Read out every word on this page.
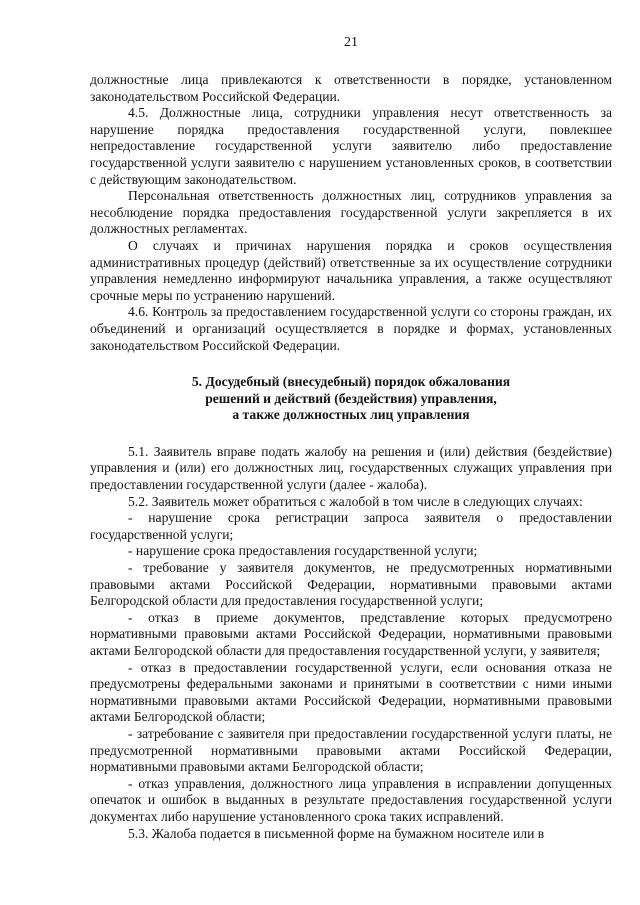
21

должностные лица привлекаются к ответственности в порядке, установленном законодательством Российской Федерации.

4.5. Должностные лица, сотрудники управления несут ответственность за нарушение порядка предоставления государственной услуги, повлекшее непредоставление государственной услуги заявителю либо предоставление государственной услуги заявителю с нарушением установленных сроков, в соответствии с действующим законодательством.

Персональная ответственность должностных лиц, сотрудников управления за несоблюдение порядка предоставления государственной услуги закрепляется в их должностных регламентах.

О случаях и причинах нарушения порядка и сроков осуществления административных процедур (действий) ответственные за их осуществление сотрудники управления немедленно информируют начальника управления, а также осуществляют срочные меры по устранению нарушений.

4.6. Контроль за предоставлением государственной услуги со стороны граждан, их объединений и организаций осуществляется в порядке и формах, установленных законодательством Российской Федерации.

5. Досудебный (внесудебный) порядок обжалования
решений и действий (бездействия) управления,
а также должностных лиц управления

5.1. Заявитель вправе подать жалобу на решения и (или) действия (бездействие) управления и (или) его должностных лиц, государственных служащих управления при предоставлении государственной услуги (далее - жалоба).

5.2. Заявитель может обратиться с жалобой в том числе в следующих случаях:

- нарушение срока регистрации запроса заявителя о предоставлении государственной услуги;

- нарушение срока предоставления государственной услуги;

- требование у заявителя документов, не предусмотренных нормативными правовыми актами Российской Федерации, нормативными правовыми актами Белгородской области для предоставления государственной услуги;

- отказ в приеме документов, представление которых предусмотрено нормативными правовыми актами Российской Федерации, нормативными правовыми актами Белгородской области для предоставления государственной услуги, у заявителя;

- отказ в предоставлении государственной услуги, если основания отказа не предусмотрены федеральными законами и принятыми в соответствии с ними иными нормативными правовыми актами Российской Федерации, нормативными правовыми актами Белгородской области;

- затребование с заявителя при предоставлении государственной услуги платы, не предусмотренной нормативными правовыми актами Российской Федерации, нормативными правовыми актами Белгородской области;

- отказ управления, должностного лица управления в исправлении допущенных опечаток и ошибок в выданных в результате предоставления государственной услуги документах либо нарушение установленного срока таких исправлений.

5.3. Жалоба подается в письменной форме на бумажном носителе или в
